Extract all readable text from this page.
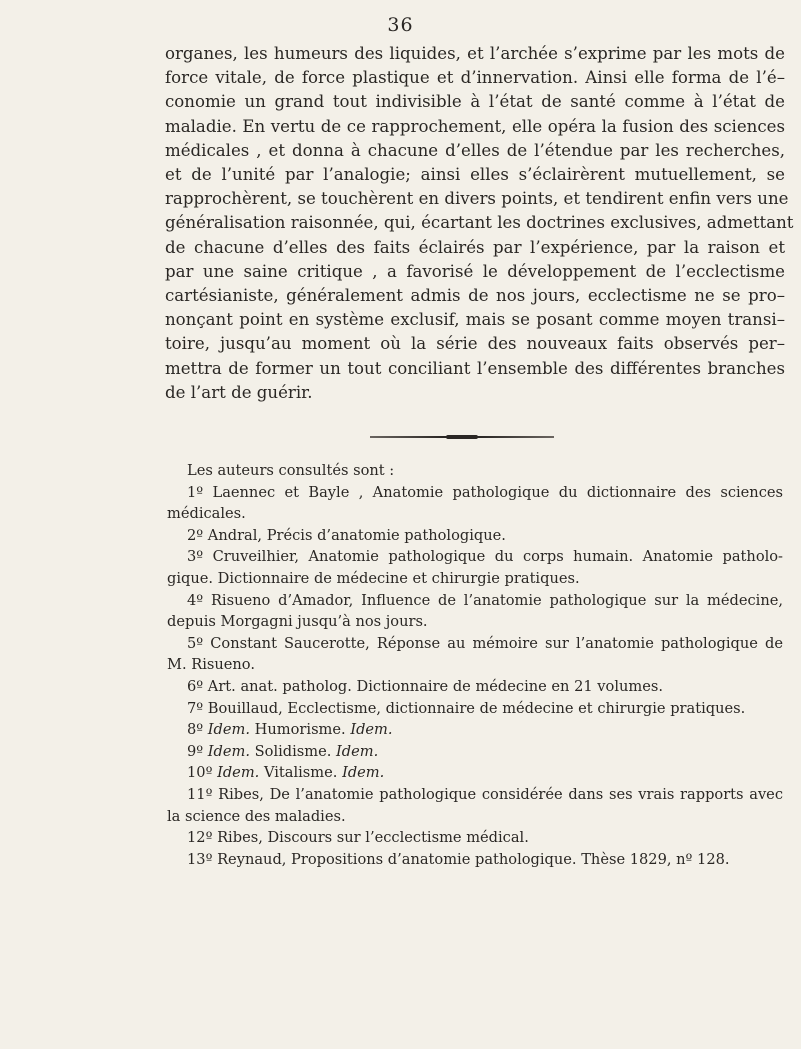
36
organes, les humeurs des liquides, et l’archée s’exprime par les mots de
force vitale, de force plastique et d’innervation. Ainsi elle forma de l’é–
conomie un grand tout indivisible à l’état de santé comme à l’état de
maladie. En vertu de ce rapprochement, elle opéra la fusion des sciences
médicales , et donna à chacune d’elles de l’étendue par les recherches,
et de l’unité par l’analogie; ainsi elles s’éclairèrent mutuellement, se
rapprochèrent, se touchèrent en divers points, et tendirent enfin vers une
généralisation raisonnée, qui, écartant les doctrines exclusives, admettant
de chacune d’elles des faits éclairés par l’expérience, par la raison et
par une saine critique , a favorisé le développement de l’ecclectisme
cartésianiste, généralement admis de nos jours, ecclectisme ne se pro–
nonçant point en système exclusif, mais se posant comme moyen transi–
toire, jusqu’au moment où la série des nouveaux faits observés per–
mettra de former un tout conciliant l’ensemble des différentes branches
de l’art de guérir.
Les auteurs consultés sont :
1º Laennec et Bayle , Anatomie pathologique du dictionnaire des sciences
médicales.
2º Andral, Précis d’anatomie pathologique.
3º Cruveilhier, Anatomie pathologique du corps humain. Anatomie patholo-
gique. Dictionnaire de médecine et chirurgie pratiques.
4º Risueno d’Amador, Influence de l’anatomie pathologique sur la médecine,
depuis Morgagni jusqu’à nos jours.
5º Constant Saucerotte, Réponse au mémoire sur l’anatomie pathologique de
M. Risueno.
6º Art. anat. patholog. Dictionnaire de médecine en 21 volumes.
7º Bouillaud, Ecclectisme, dictionnaire de médecine et chirurgie pratiques.
8º Idem. Humorisme. Idem.
9º Idem. Solidisme. Idem.
10º Idem. Vitalisme. Idem.
11º Ribes, De l’anatomie pathologique considérée dans ses vrais rapports avec
la science des maladies.
12º Ribes, Discours sur l’ecclectisme médical.
13º Reynaud, Propositions d’anatomie pathologique. Thèse 1829, nº 128.
